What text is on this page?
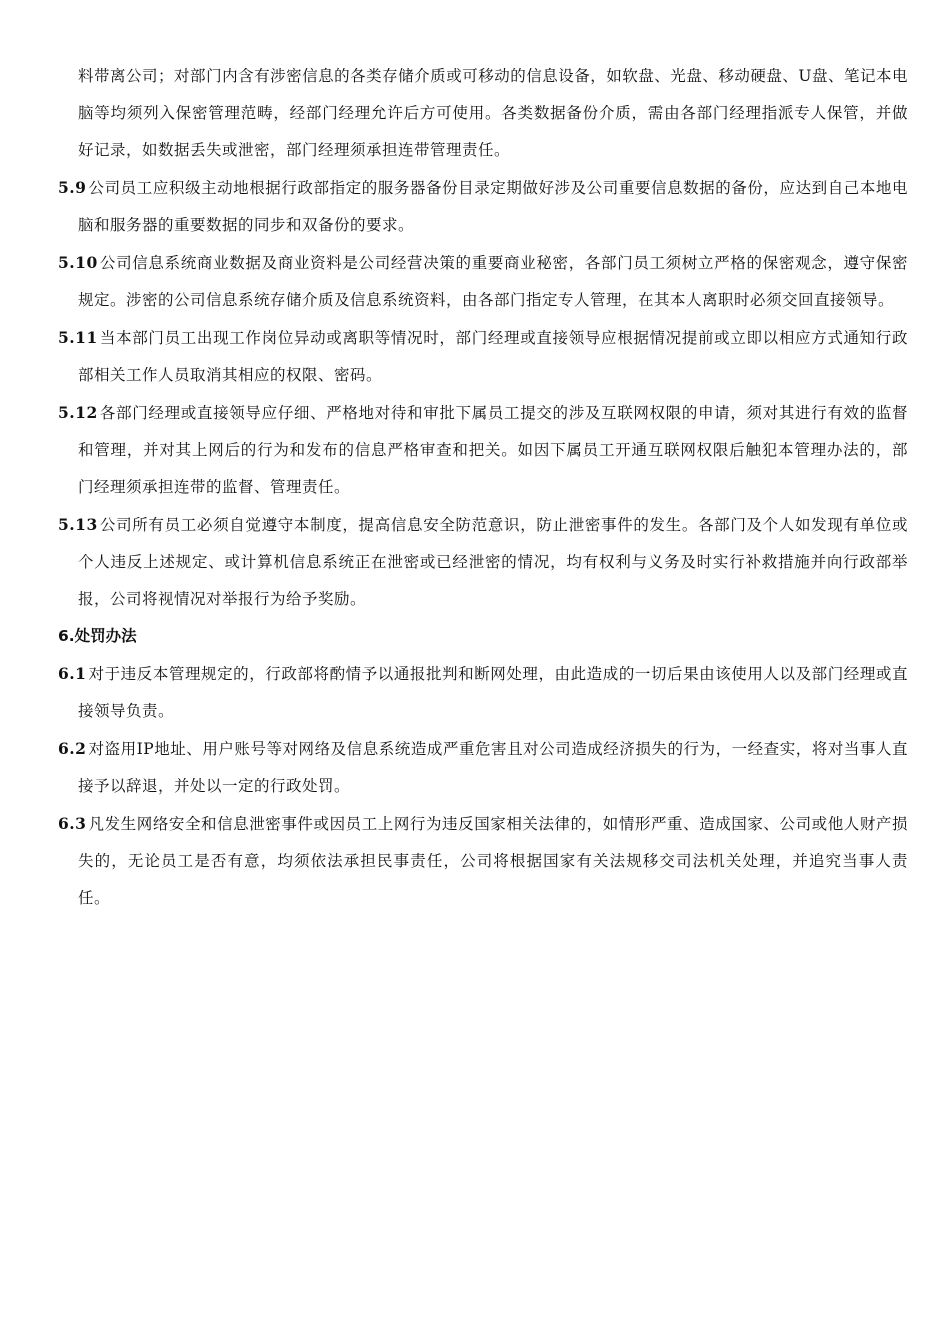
料带离公司；对部门内含有涉密信息的各类存储介质或可移动的信息设备，如软盘、光盘、移动硬盘、U盘、笔记本电脑等均须列入保密管理范畴，经部门经理允许后方可使用。各类数据备份介质，需由各部门经理指派专人保管，并做好记录，如数据丢失或泄密，部门经理须承担连带管理责任。
5.9 公司员工应积级主动地根据行政部指定的服务器备份目录定期做好涉及公司重要信息数据的备份，应达到自己本地电脑和服务器的重要数据的同步和双备份的要求。
5.10 公司信息系统商业数据及商业资料是公司经营决策的重要商业秘密，各部门员工须树立严格的保密观念，遵守保密规定。涉密的公司信息系统存储介质及信息系统资料，由各部门指定专人管理，在其本人离职时必须交回直接领导。
5.11 当本部门员工出现工作岗位异动或离职等情况时，部门经理或直接领导应根据情况提前或立即以相应方式通知行政部相关工作人员取消其相应的权限、密码。
5.12 各部门经理或直接领导应仔细、严格地对待和审批下属员工提交的涉及互联网权限的申请，须对其进行有效的监督和管理，并对其上网后的行为和发布的信息严格审查和把关。如因下属员工开通互联网权限后触犯本管理办法的，部门经理须承担连带的监督、管理责任。
5.13 公司所有员工必须自觉遵守本制度，提高信息安全防范意识，防止泄密事件的发生。各部门及个人如发现有单位或个人违反上述规定、或计算机信息系统正在泄密或已经泄密的情况，均有权利与义务及时实行补救措施并向行政部举报，公司将视情况对举报行为给予奖励。
6.处罚办法
6.1 对于违反本管理规定的，行政部将酌情予以通报批判和断网处理，由此造成的一切后果由该使用人以及部门经理或直接领导负责。
6.2 对盗用IP地址、用户账号等对网络及信息系统造成严重危害且对公司造成经济损失的行为，一经查实，将对当事人直接予以辞退，并处以一定的行政处罚。
6.3 凡发生网络安全和信息泄密事件或因员工上网行为违反国家相关法律的，如情形严重、造成国家、公司或他人财产损失的，无论员工是否有意，均须依法承担民事责任，公司将根据国家有关法规移交司法机关处理，并追究当事人责任。
